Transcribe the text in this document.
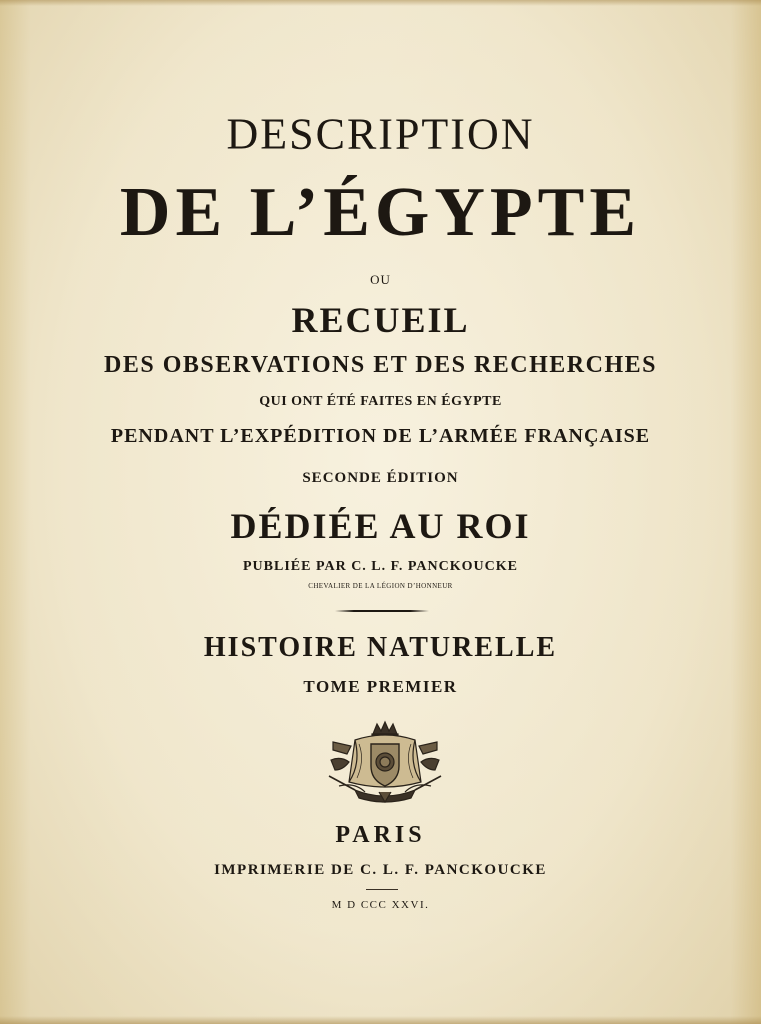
DESCRIPTION
DE L’ÉGYPTE
OU
RECUEIL
DES OBSERVATIONS ET DES RECHERCHES
QUI ONT ÉTÉ FAITES EN ÉGYPTE
PENDANT L’EXPÉDITION DE L’ARMÉE FRANÇAISE
SECONDE ÉDITION
DÉDIÉE AU ROI
PUBLIÉE PAR C. L. F. PANCKOUCKE
CHEVALIER DE LA LÉGION D’HONNEUR
HISTOIRE NATURELLE
TOME PREMIER
PARIS
IMPRIMERIE DE C. L. F. PANCKOUCKE
M D CCC XXVI.
